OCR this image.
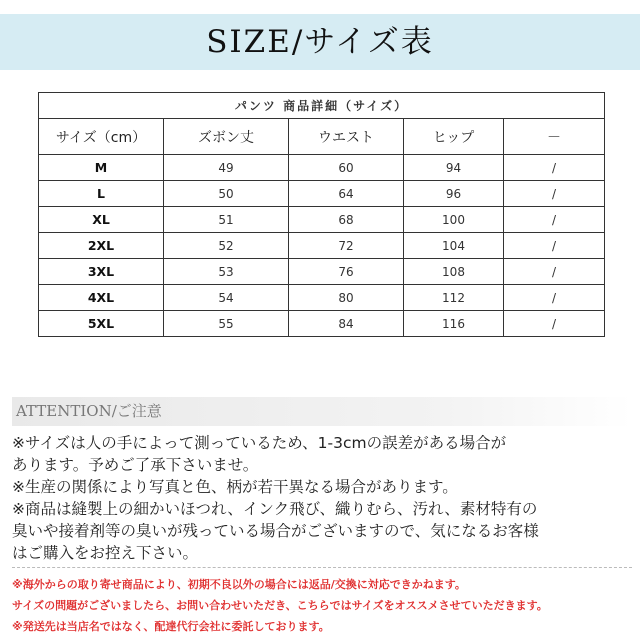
SIZE/サイズ表
パンツ 商品詳細（サイズ）				
サイズ（cm）	ズボン丈	ウエスト	ヒップ	－
M	49	60	94	/
L	50	64	96	/
XL	51	68	100	/
2XL	52	72	104	/
3XL	53	76	108	/
4XL	54	80	112	/
5XL	55	84	116	/
ATTENTION/ご注意
※サイズは人の手によって測っているため、1-3cmの誤差がある場合が
あります。予めご了承下さいませ。
※生産の関係により写真と色、柄が若干異なる場合があります。
※商品は縫製上の細かいほつれ、インク飛び、織りむら、汚れ、素材特有の
臭いや接着剤等の臭いが残っている場合がございますので、気になるお客様
はご購入をお控え下さい。
※海外からの取り寄せ商品により、初期不良以外の場合には返品/交換に対応できかねます。
サイズの問題がございましたら、お問い合わせいただき、こちらではサイズをオススメさせていただきます。
※発送先は当店名ではなく、配達代行会社に委託しております。
